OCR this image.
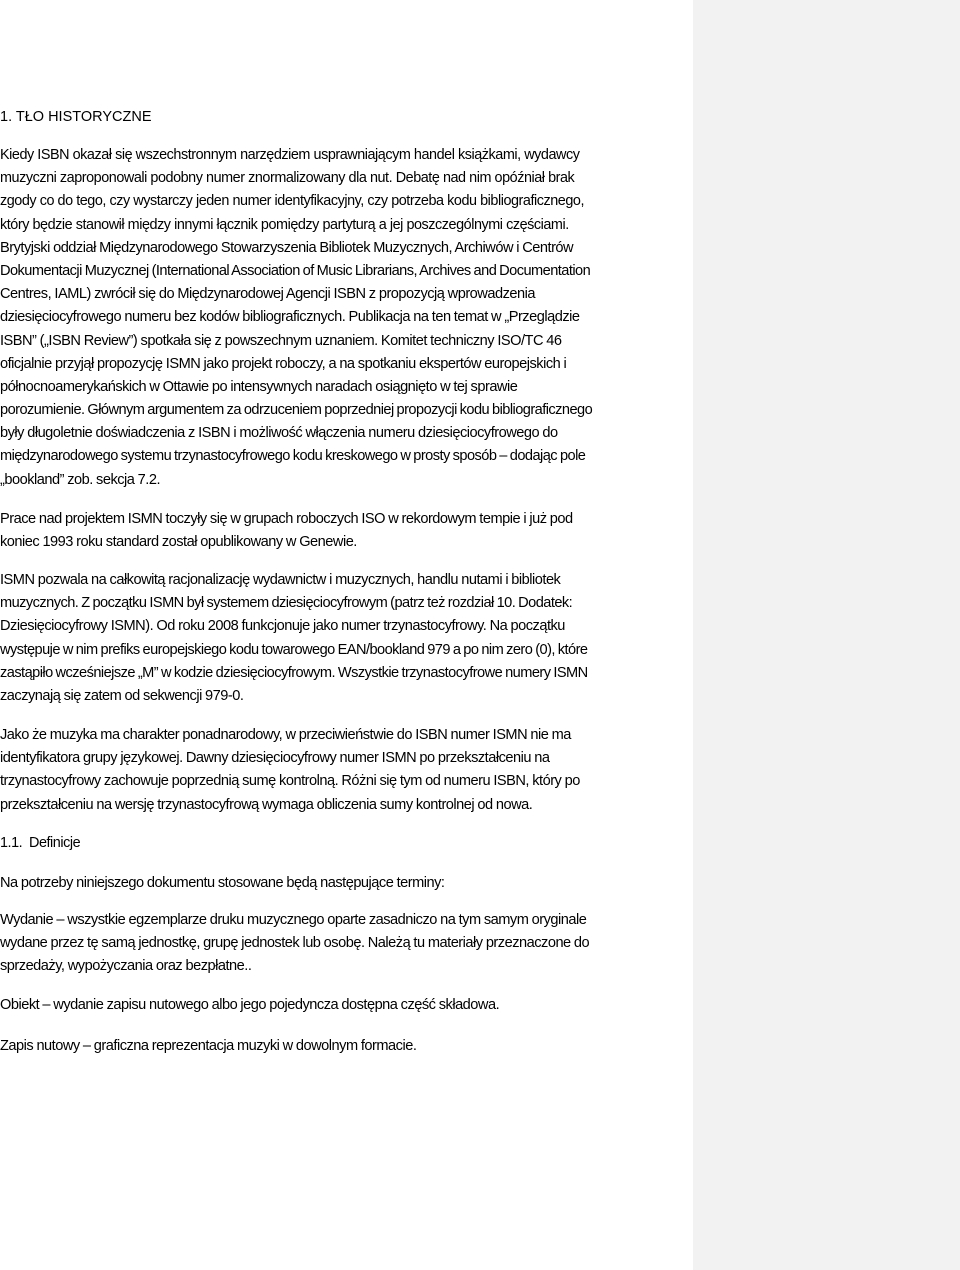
1. TŁO HISTORYCZNE
Kiedy ISBN okazał się wszechstronnym narzędziem usprawniającym handel książkami, wydawcy
muzyczni zaproponowali podobny numer znormalizowany dla nut. Debatę nad nim opóźniał brak
zgody co do tego, czy wystarczy jeden numer identyfikacyjny, czy potrzeba kodu bibliograficznego,
który będzie stanowił między innymi łącznik pomiędzy partyturą a jej poszczególnymi częściami.
Brytyjski oddział Międzynarodowego Stowarzyszenia Bibliotek Muzycznych, Archiwów i Centrów
Dokumentacji Muzycznej (International Association of Music Librarians, Archives and Documentation
Centres, IAML) zwrócił się do Międzynarodowej Agencji ISBN z propozycją wprowadzenia
dziesięciocyfrowego numeru bez kodów bibliograficznych. Publikacja na ten temat w „Przeglądzie
ISBN” („ISBN Review”) spotkała się z powszechnym uznaniem. Komitet techniczny ISO/TC 46
oficjalnie przyjął propozycję ISMN jako projekt roboczy, a na spotkaniu ekspertów europejskich i
północnoamerykańskich w Ottawie po intensywnych naradach osiągnięto w tej sprawie
porozumienie. Głównym argumentem za odrzuceniem poprzedniej propozycji kodu bibliograficznego
były długoletnie doświadczenia z ISBN i możliwość włączenia numeru dziesięciocyfrowego do
międzynarodowego systemu trzynastocyfrowego kodu kreskowego w prosty sposób – dodając pole
„bookland” zob. sekcja 7.2.
Prace nad projektem ISMN toczyły się w grupach roboczych ISO w rekordowym tempie i już pod
koniec 1993 roku standard został opublikowany w Genewie.
ISMN pozwala na całkowitą racjonalizację wydawnictw i muzycznych, handlu nutami i bibliotek
muzycznych. Z początku ISMN był systemem dziesięciocyfrowym (patrz też rozdział 10. Dodatek:
Dziesięciocyfrowy ISMN). Od roku 2008 funkcjonuje jako numer trzynastocyfrowy. Na początku
występuje w nim prefiks europejskiego kodu towarowego EAN/bookland 979 a po nim zero (0), które
zastąpiło wcześniejsze „M” w kodzie dziesięciocyfrowym. Wszystkie trzynastocyfrowe numery ISMN
zaczynają się zatem od sekwencji 979-0.
Jako że muzyka ma charakter ponadnarodowy, w przeciwieństwie do ISBN numer ISMN nie ma
identyfikatora grupy językowej. Dawny dziesięciocyfrowy numer ISMN po przekształceniu na
trzynastocyfrowy zachowuje poprzednią sumę kontrolną. Różni się tym od numeru ISBN, który po
przekształceniu na wersję trzynastocyfrową wymaga obliczenia sumy kontrolnej od nowa.
1.1. Definicje
Na potrzeby niniejszego dokumentu stosowane będą następujące terminy:
Wydanie – wszystkie egzemplarze druku muzycznego oparte zasadniczo na tym samym oryginale
wydane przez tę samą jednostkę, grupę jednostek lub osobę. Należą tu materiały przeznaczone do
sprzedaży, wypożyczania oraz bezpłatne..
Obiekt – wydanie zapisu nutowego albo jego pojedyncza dostępna część składowa.
Zapis nutowy – graficzna reprezentacja muzyki w dowolnym formacie.
